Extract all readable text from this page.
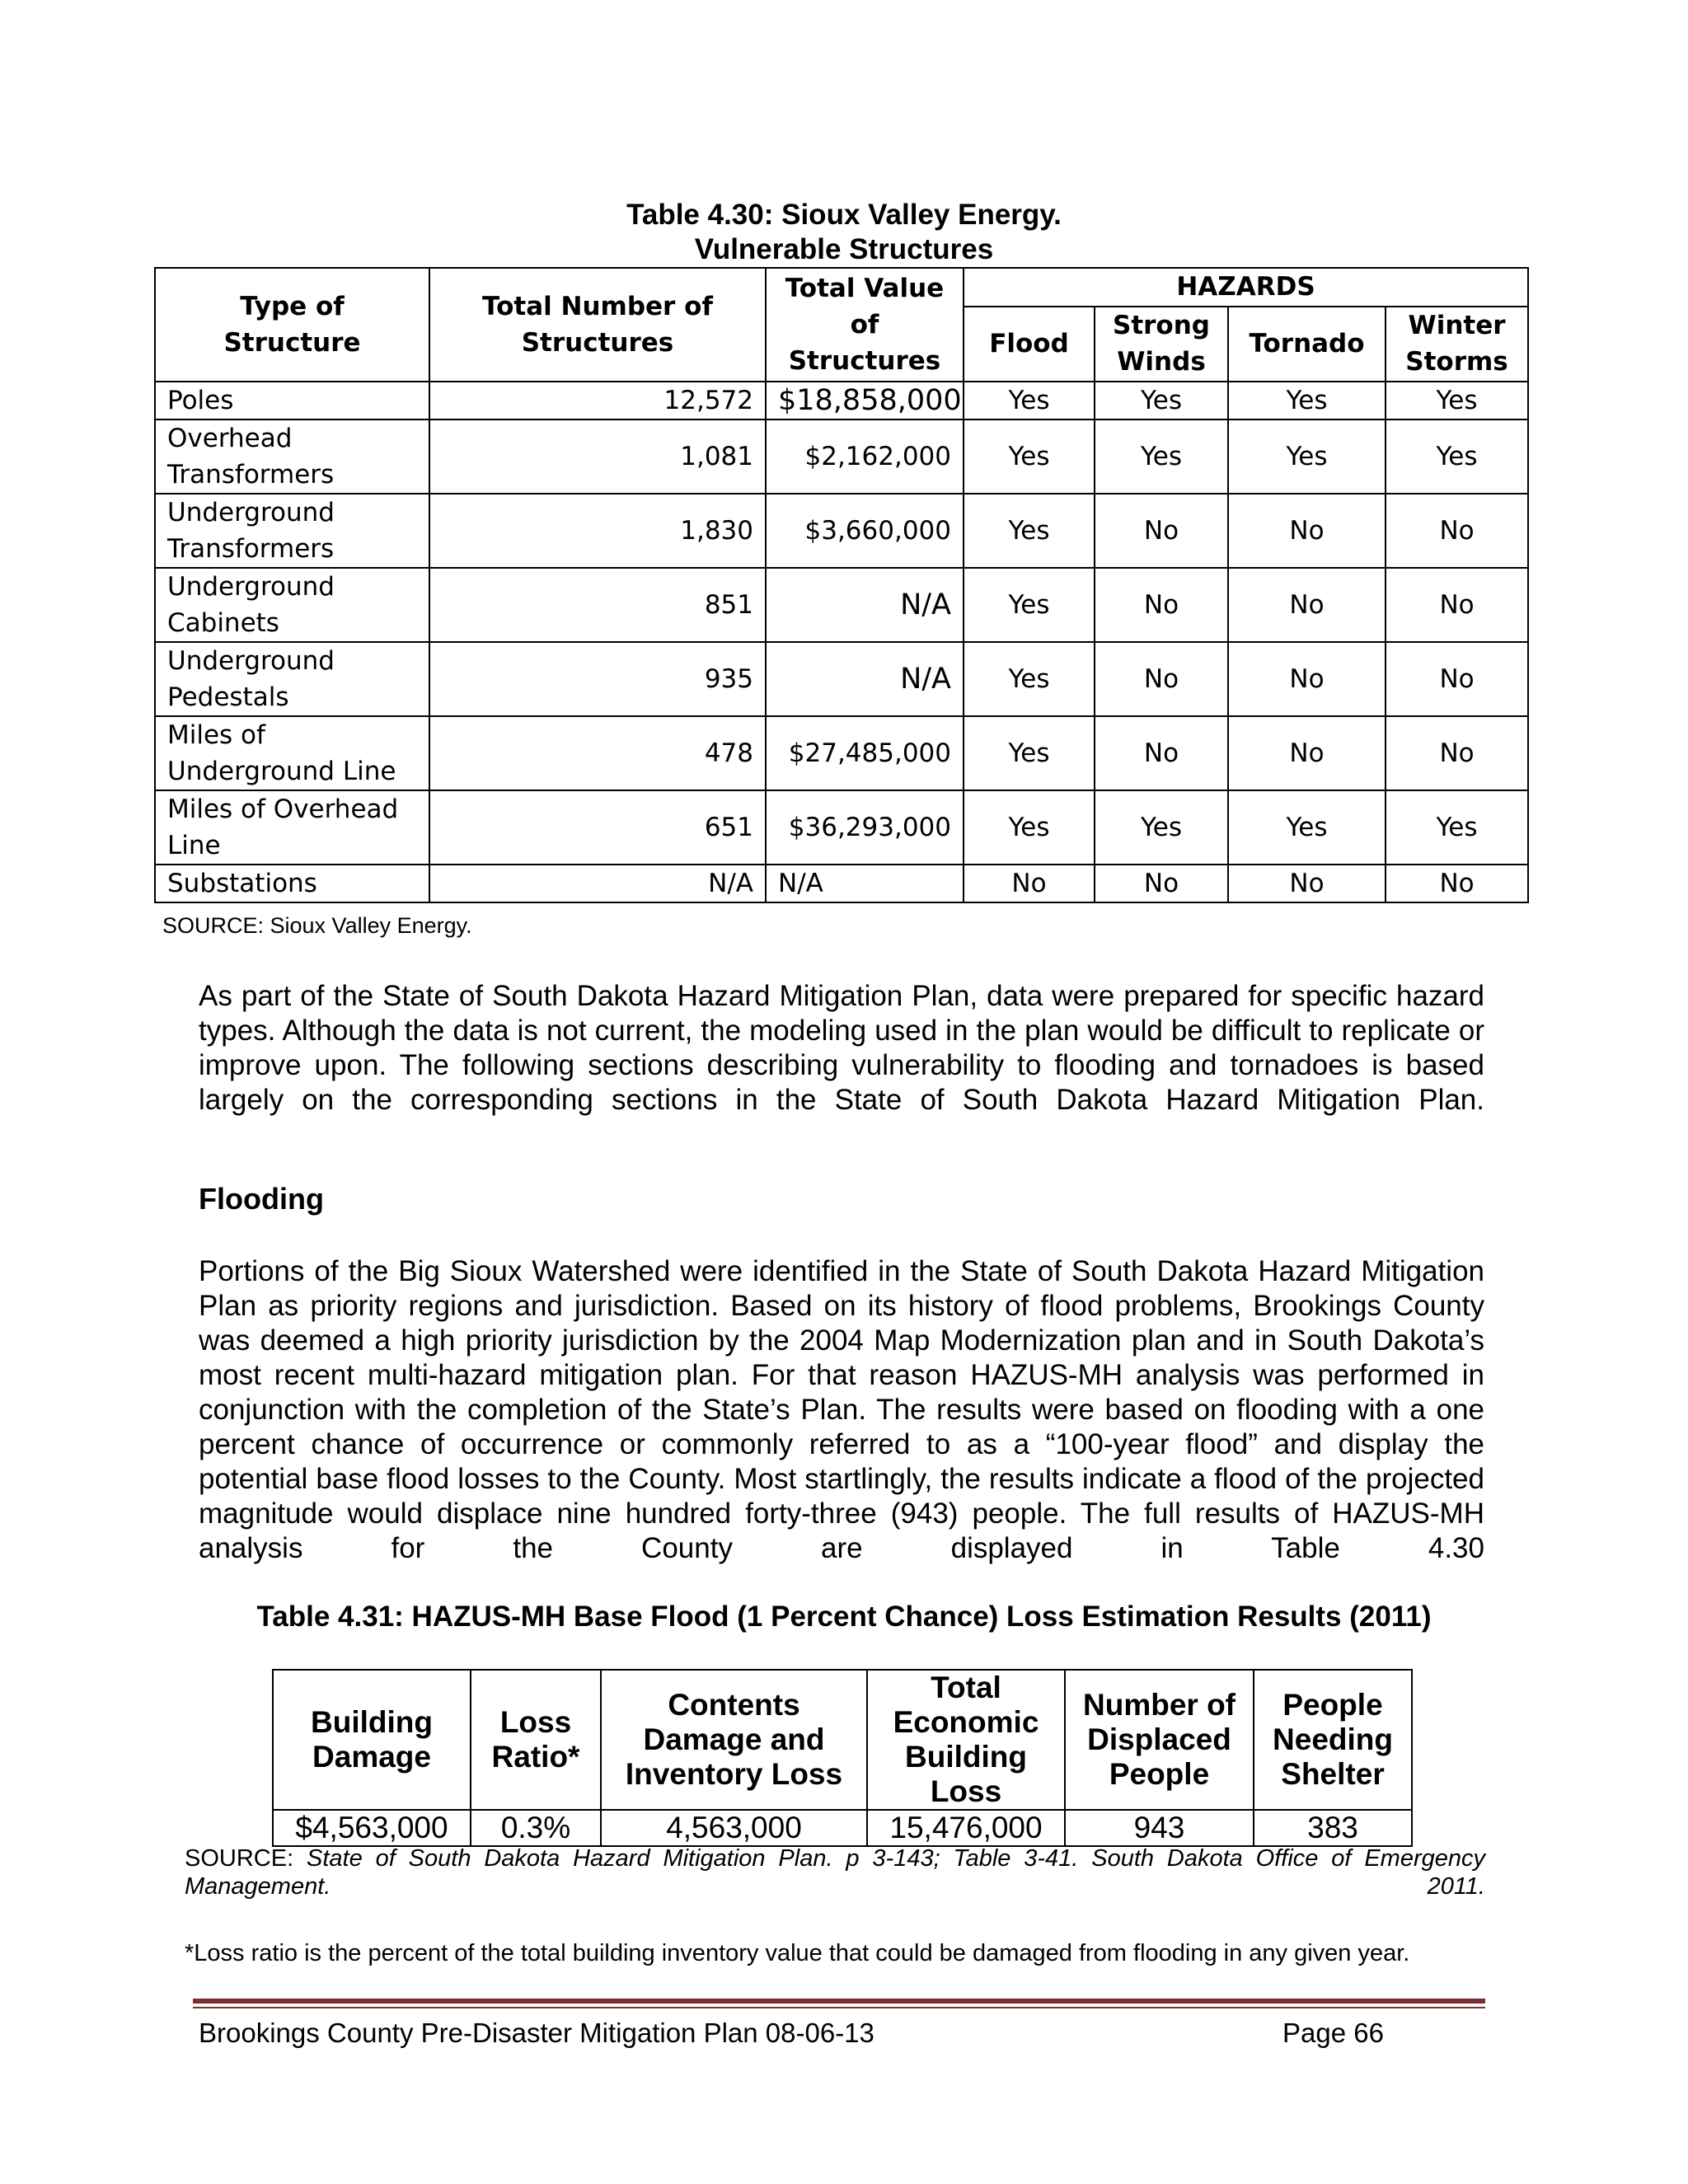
Table 4.30: Sioux Valley Energy.
Vulnerable Structures
Type of Structure	Total Number of Structures	Total Value of Structures	HAZARDS			
			Flood	Strong Winds	Tornado	Winter Storms
Poles	12,572	$18,858,000	Yes	Yes	Yes	Yes
Overhead Transformers	1,081	$2,162,000	Yes	Yes	Yes	Yes
Underground Transformers	1,830	$3,660,000	Yes	No	No	No
Underground Cabinets	851	N/A	Yes	No	No	No
Underground Pedestals	935	N/A	Yes	No	No	No
Miles of Underground Line	478	$27,485,000	Yes	No	No	No
Miles of Overhead Line	651	$36,293,000	Yes	Yes	Yes	Yes
Substations	N/A	N/A	No	No	No	No
SOURCE: Sioux Valley Energy.
As part of the State of South Dakota Hazard Mitigation Plan, data were prepared for specific hazard types. Although the data is not current, the modeling used in the plan would be difficult to replicate or improve upon. The following sections describing vulnerability to flooding and tornadoes is based largely on the corresponding sections in the State of South Dakota Hazard Mitigation Plan.
Flooding
Portions of the Big Sioux Watershed were identified in the State of South Dakota Hazard Mitigation Plan as priority regions and jurisdiction. Based on its history of flood problems, Brookings County was deemed a high priority jurisdiction by the 2004 Map Modernization plan and in South Dakota’s most recent multi-hazard mitigation plan. For that reason HAZUS-MH analysis was performed in conjunction with the completion of the State’s Plan. The results were based on flooding with a one percent chance of occurrence or commonly referred to as a “100-year flood” and display the potential base flood losses to the County. Most startlingly, the results indicate a flood of the projected magnitude would displace nine hundred forty-three (943) people. The full results of HAZUS-MH analysis for the County are displayed in Table 4.30
Table 4.31: HAZUS-MH Base Flood (1 Percent Chance) Loss Estimation Results (2011)
Building Damage	Loss Ratio*	Contents Damage and Inventory Loss	Total Economic Building Loss	Number of Displaced People	People Needing Shelter
$4,563,000	0.3%	4,563,000	15,476,000	943	383
SOURCE: State of South Dakota Hazard Mitigation Plan. p 3-143; Table 3-41. South Dakota Office of Emergency Management. 2011.
*Loss ratio is the percent of the total building inventory value that could be damaged from flooding in any given year.
Brookings County Pre-Disaster Mitigation Plan 08-06-13	Page 66
